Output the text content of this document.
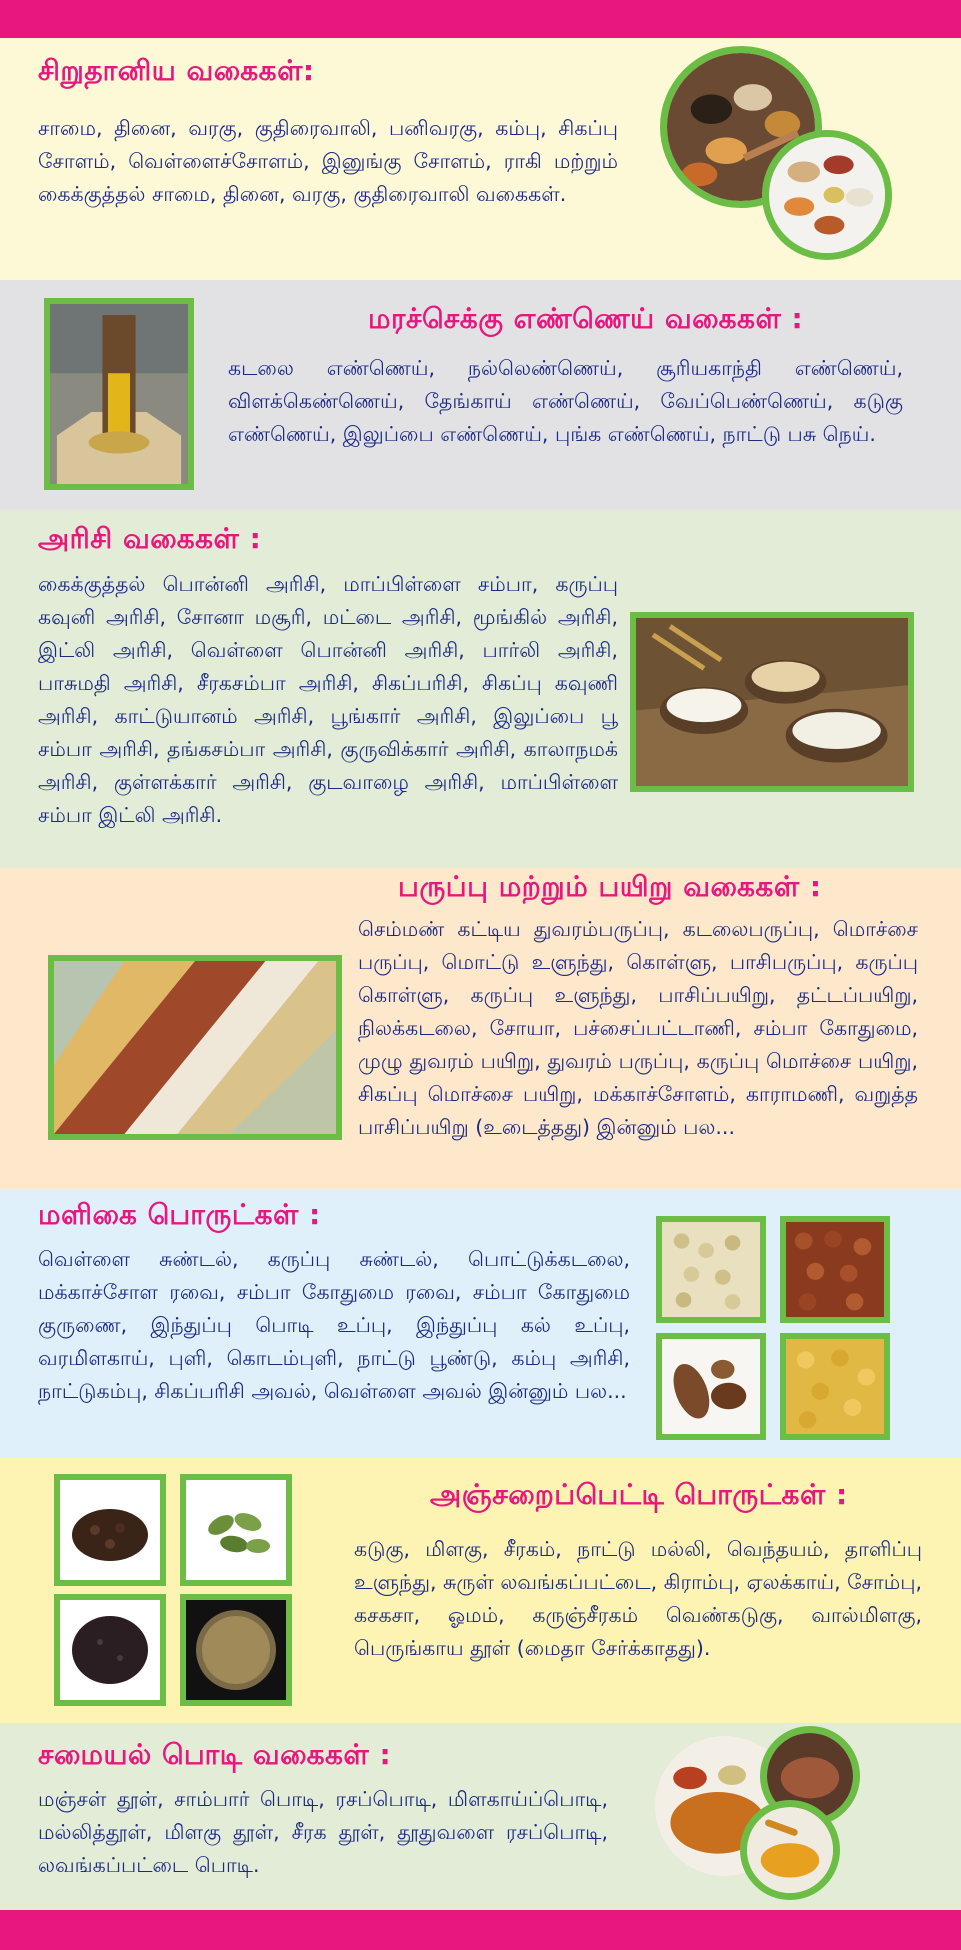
சிறுதானிய வகைகள்:

சாமை, தினை, வரகு, குதிரைவாலி, பனிவரகு, கம்பு, சிகப்பு சோளம், வெள்ளைச்சோளம், இனுங்கு சோளம், ராகி மற்றும் கைக்குத்தல் சாமை, தினை, வரகு, குதிரைவாலி வகைகள்.

மரச்செக்கு எண்ணெய் வகைகள் :

கடலை எண்ணெய், நல்லெண்ணெய், சூரியகாந்தி எண்ணெய், விளக்கெண்ணெய், தேங்காய் எண்ணெய், வேப்பெண்ணெய், கடுகு எண்ணெய், இலுப்பை எண்ணெய், புங்க எண்ணெய், நாட்டு பசு நெய்.

அரிசி வகைகள் :

கைக்குத்தல் பொன்னி அரிசி, மாப்பிள்ளை சம்பா, கருப்பு கவுனி அரிசி, சோனா மசூரி, மட்டை அரிசி, மூங்கில் அரிசி, இட்லி அரிசி, வெள்ளை பொன்னி அரிசி, பார்லி அரிசி, பாசுமதி அரிசி, சீரகசம்பா அரிசி, சிகப்பரிசி, சிகப்பு கவுணி அரிசி, காட்டுயானம் அரிசி, பூங்கார் அரிசி, இலுப்பை பூ சம்பா அரிசி, தங்கசம்பா அரிசி, குருவிக்கார் அரிசி, காலாநமக் அரிசி, குள்ளக்கார் அரிசி, குடவாழை அரிசி, மாப்பிள்ளை சம்பா இட்லி அரிசி.

பருப்பு மற்றும் பயிறு வகைகள் :

செம்மண் கட்டிய துவரம்பருப்பு, கடலைபருப்பு, மொச்சை பருப்பு, மொட்டு உளுந்து, கொள்ளு, பாசிபருப்பு, கருப்பு கொள்ளு, கருப்பு உளுந்து, பாசிப்பயிறு, தட்டப்பயிறு, நிலக்கடலை, சோயா, பச்சைப்பட்டாணி, சம்பா கோதுமை, முழு துவரம் பயிறு, துவரம் பருப்பு, கருப்பு மொச்சை பயிறு, சிகப்பு மொச்சை பயிறு, மக்காச்சோளம், காராமணி, வறுத்த பாசிப்பயிறு (உடைத்தது) இன்னும் பல...

மளிகை பொருட்கள் :

வெள்ளை சுண்டல், கருப்பு சுண்டல், பொட்டுக்கடலை, மக்காச்சோள ரவை, சம்பா கோதுமை ரவை, சம்பா கோதுமை குருணை, இந்துப்பு பொடி உப்பு, இந்துப்பு கல் உப்பு, வரமிளகாய், புளி, கொடம்புளி, நாட்டு பூண்டு, கம்பு அரிசி, நாட்டுகம்பு, சிகப்பரிசி அவல், வெள்ளை அவல் இன்னும் பல...

அஞ்சறைப்பெட்டி பொருட்கள் :

கடுகு, மிளகு, சீரகம், நாட்டு மல்லி, வெந்தயம், தாளிப்பு உளுந்து, சுருள் லவங்கப்பட்டை, கிராம்பு, ஏலக்காய், சோம்பு, கசகசா, ஓமம், கருஞ்சீரகம் வெண்கடுகு, வால்மிளகு, பெருங்காய தூள் (மைதா சேர்க்காதது).

சமையல் பொடி வகைகள் :

மஞ்சள் தூள், சாம்பார் பொடி, ரசப்பொடி, மிளகாய்ப்பொடி, மல்லித்தூள், மிளகு தூள், சீரக தூள், தூதுவளை ரசப்பொடி, லவங்கப்பட்டை பொடி.
